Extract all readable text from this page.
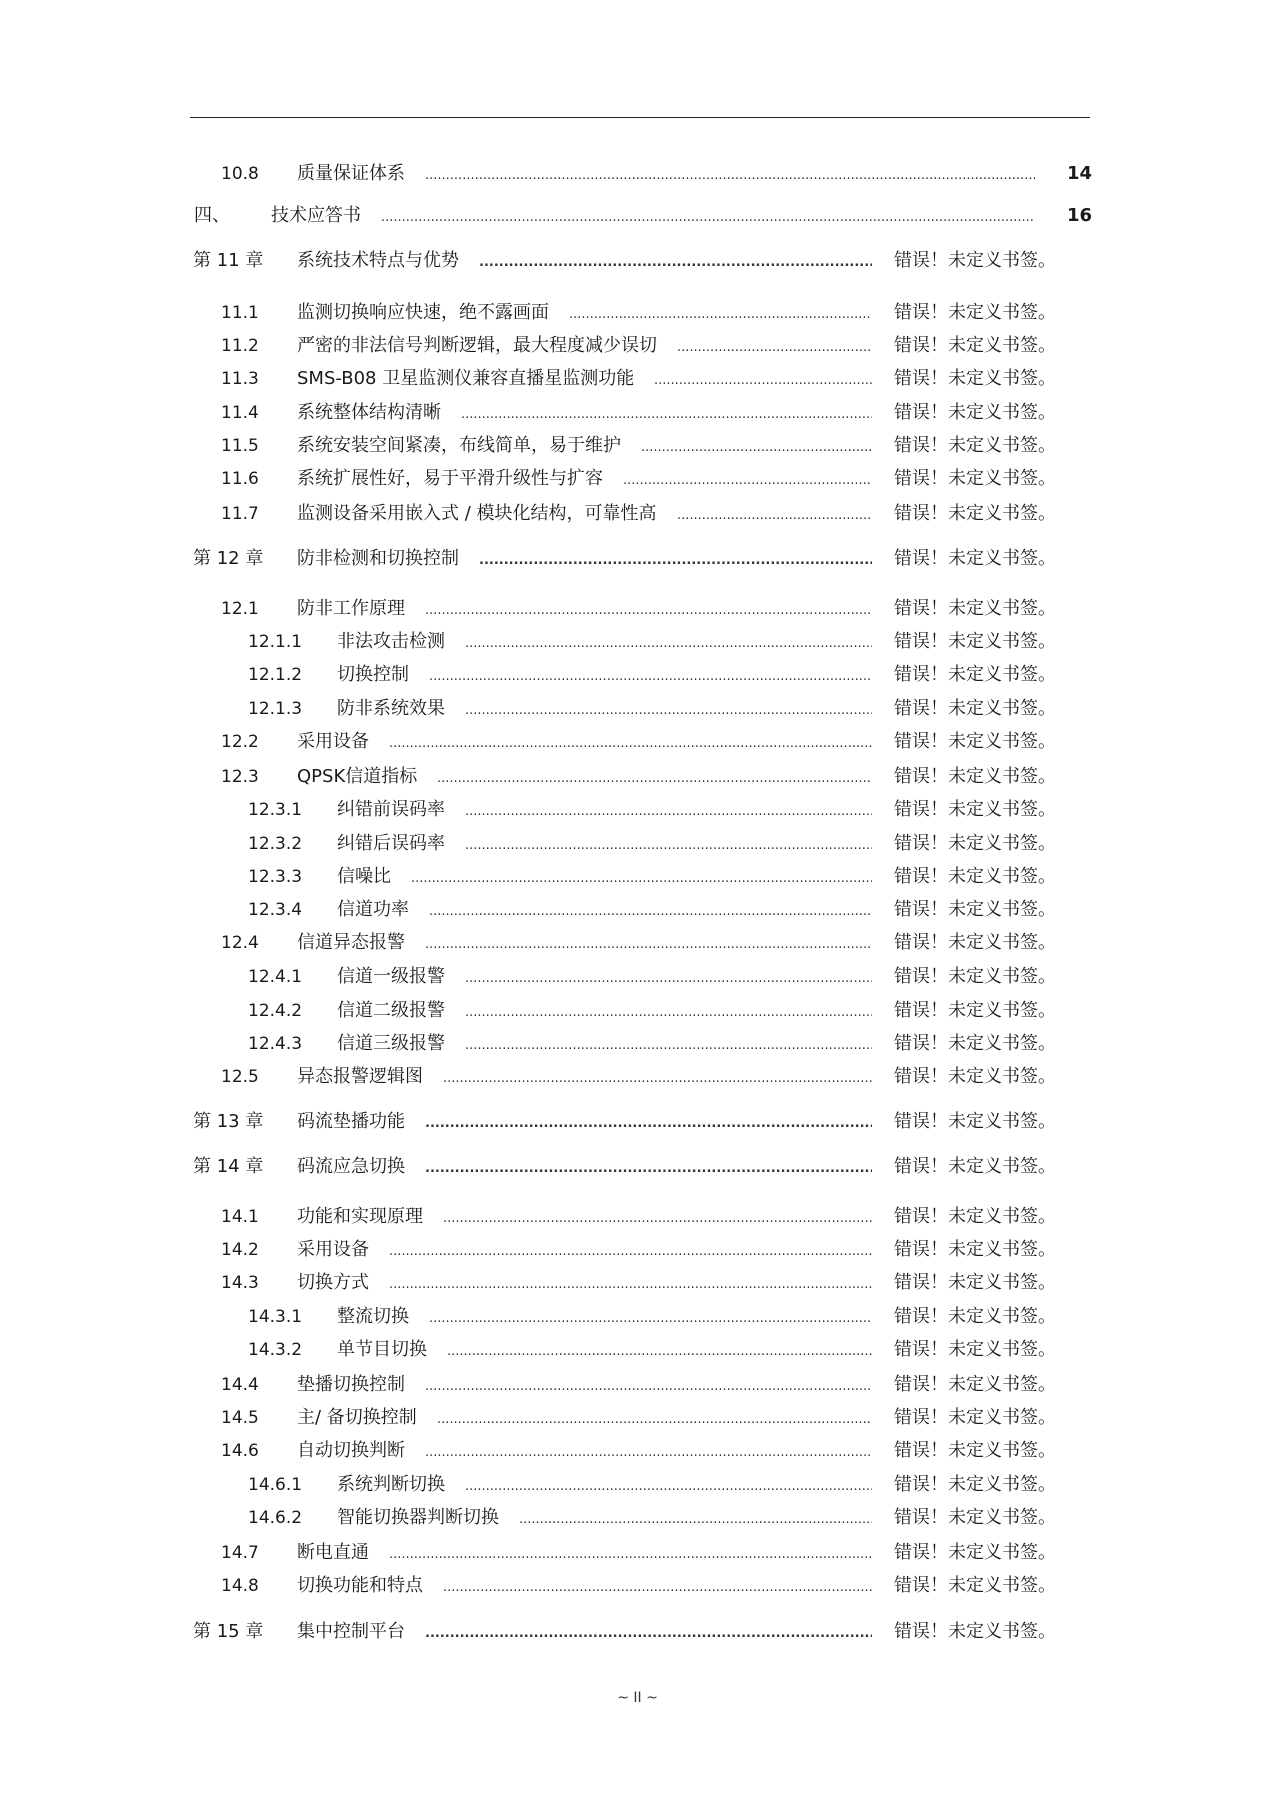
10.8 质量保证体系 .....	14
四、 技术应答书 .....	16
第 11 章 系统技术特点与优势 .....	错误！未定义书签。
11.1 监测切换响应快速，绝不露画面 .....	错误！未定义书签。
11.2 严密的非法信号判断逻辑，最大程度减少误切 .....	错误！未定义书签。
11.3 SMS-B08 卫星监测仪兼容直播星监测功能 .....	错误！未定义书签。
11.4 系统整体结构清晰 .....	错误！未定义书签。
11.5 系统安装空间紧凑，布线简单，易于维护 .....	错误！未定义书签。
11.6 系统扩展性好，易于平滑升级性与扩容 .....	错误！未定义书签。
11.7 监测设备采用嵌入式 / 模块化结构，可靠性高 .....	错误！未定义书签。
第 12 章 防非检测和切换控制 .....	错误！未定义书签。
12.1 防非工作原理 .....	错误！未定义书签。
12.1.1 非法攻击检测 .....	错误！未定义书签。
12.1.2 切换控制 .....	错误！未定义书签。
12.1.3 防非系统效果 .....	错误！未定义书签。
12.2 采用设备 .....	错误！未定义书签。
12.3 QPSK信道指标 .....	错误！未定义书签。
12.3.1 纠错前误码率 .....	错误！未定义书签。
12.3.2 纠错后误码率 .....	错误！未定义书签。
12.3.3 信噪比 .....	错误！未定义书签。
12.3.4 信道功率 .....	错误！未定义书签。
12.4 信道异态报警 .....	错误！未定义书签。
12.4.1 信道一级报警 .....	错误！未定义书签。
12.4.2 信道二级报警 .....	错误！未定义书签。
12.4.3 信道三级报警 .....	错误！未定义书签。
12.5 异态报警逻辑图 .....	错误！未定义书签。
第 13 章 码流垫播功能 .....	错误！未定义书签。
第 14 章 码流应急切换 .....	错误！未定义书签。
14.1 功能和实现原理 .....	错误！未定义书签。
14.2 采用设备 .....	错误！未定义书签。
14.3 切换方式 .....	错误！未定义书签。
14.3.1 整流切换 .....	错误！未定义书签。
14.3.2 单节目切换 .....	错误！未定义书签。
14.4 垫播切换控制 .....	错误！未定义书签。
14.5 主/ 备切换控制 .....	错误！未定义书签。
14.6 自动切换判断 .....	错误！未定义书签。
14.6.1 系统判断切换 .....	错误！未定义书签。
14.6.2 智能切换器判断切换 .....	错误！未定义书签。
14.7 断电直通 .....	错误！未定义书签。
14.8 切换功能和特点 .....	错误！未定义书签。
第 15 章 集中控制平台 .....	错误！未定义书签。
~ II ~
